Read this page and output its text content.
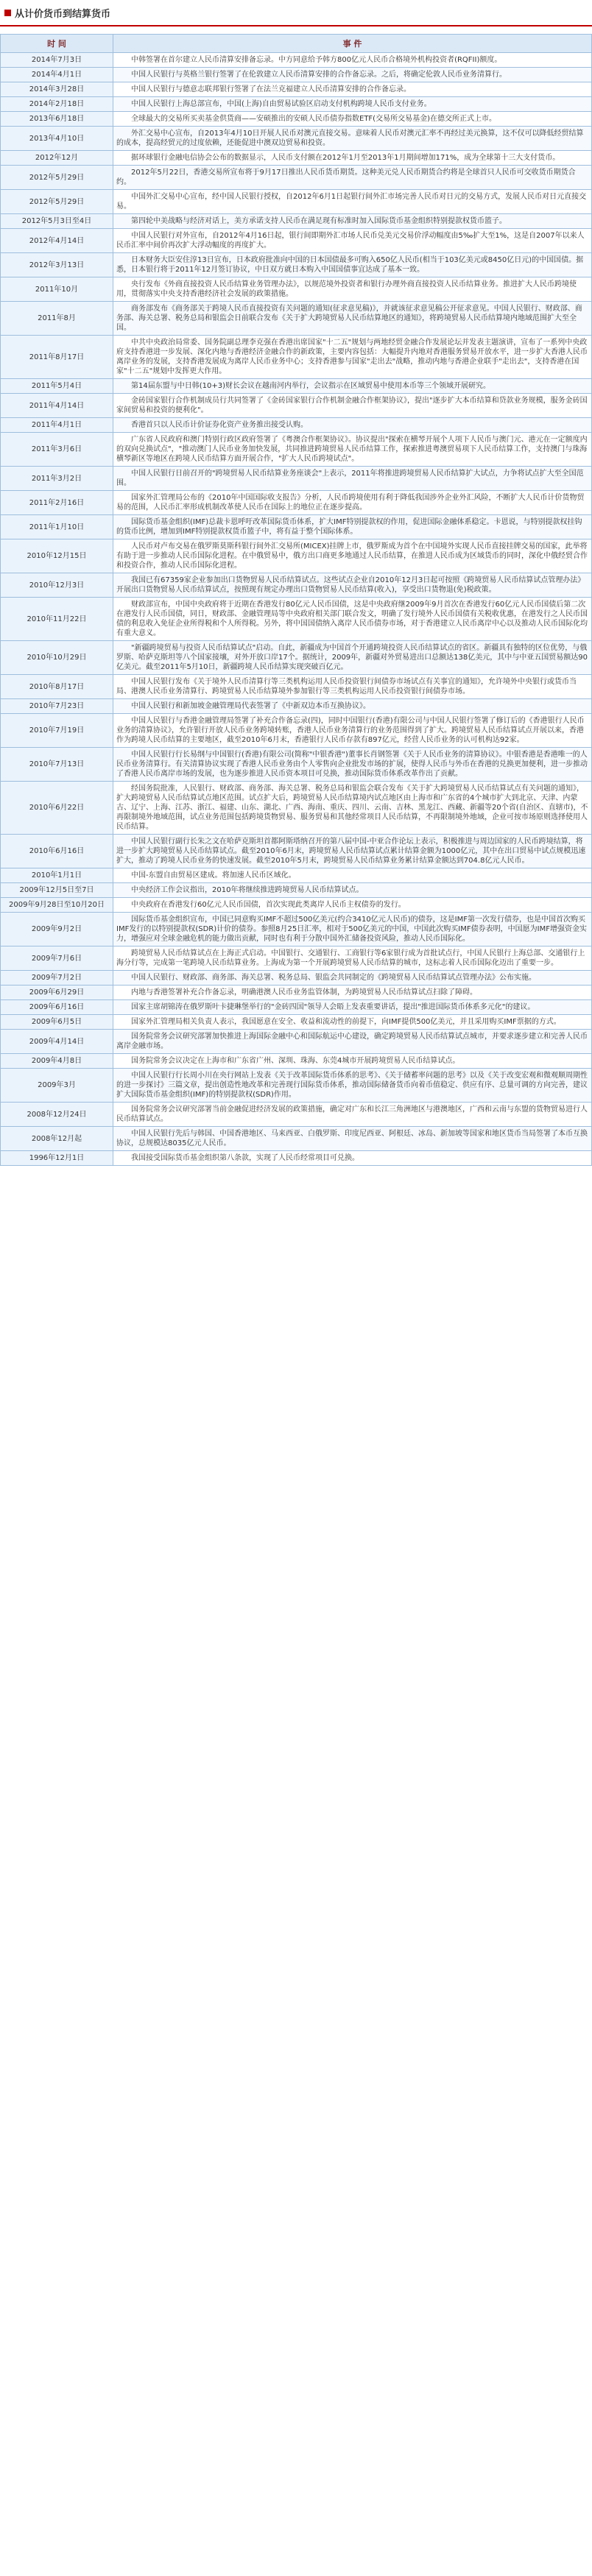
从计价货币到结算货币
时 间	事 件
2014年7月3日	中韩签署在首尔建立人民币清算安排备忘录。中方同意给予韩方800亿元人民币合格境外机构投资者(RQFII)额度。
2014年4月1日	中国人民银行与英格兰银行签署了在伦敦建立人民币清算安排的合作备忘录。之后，将确定伦敦人民币业务清算行。
2014年3月28日	中国人民银行与德意志联邦银行签署了在法兰克福建立人民币清算安排的合作备忘录。
2014年2月18日	中国人民银行上海总部宣布，中国(上海)自由贸易试验区启动支付机构跨境人民币支付业务。
2013年6月18日	全球最大的交易所买卖基金供货商——安硕推出的安硕人民币债券指数ETF(交易所交易基金)在德交所正式上市。
2013年4月10日	外汇交易中心宣布，自2013年4月10日开展人民币对澳元直接交易。意味着人民币对澳元汇率不再经过美元换算，这不仅可以降低经贸结算的成本，提高经贸元的过度依赖，还能促进中澳双边贸易和投资。
2012年12月	据环球银行金融电信协会公布的数据显示，人民币支付额在2012年1月至2013年1月期间增加171%，成为全球第十三大支付货币。
2012年5月29日	2012年5月22日，香港交易所宣布将于9月17日推出人民币货币期货。这种美元兑人民币期货合约将是全球首只人民币可交收货币期货合约。
2012年5月29日	中国外汇交易中心宣布，经中国人民银行授权，自2012年6月1日起银行间外汇市场完善人民币对日元的交易方式，发展人民币对日元直接交易。
2012年5月3日至4日	第四轮中美战略与经济对话上，美方承诺支持人民币在满足现有标准时加入国际货币基金组织特别提款权货币篮子。
2012年4月14日	中国人民银行对外宣布，自2012年4月16日起，银行间即期外汇市场人民币兑美元交易价浮动幅度由5‰扩大至1%，这是自2007年以来人民币汇率中间价再次扩大浮动幅度的再度扩大。
2012年3月13日	日本财务大臣安住淳13日宣布，日本政府批准向中国的日本国债最多可购入650亿人民币(相当于103亿美元或8450亿日元)的中国国债。据悉，日本银行将于2011年12月签订协议，中日双方就日本购入中国国债事宜达成了基本一致。
2011年10月	央行发布《外商直接投资人民币结算业务管理办法》，以规范境外投资者和银行办理外商直接投资人民币结算业务。推进扩大人民币跨境使用，贯彻落实中央支持香港经济社会发展的政策措施。
2011年8月	商务部发布《商务部关于跨境人民币直接投资有关问题的通知(征求意见稿)》，并就该征求意见稿公开征求意见。中国人民银行、财政部、商务部、海关总署、税务总局和银监会日前联合发布《关于扩大跨境贸易人民币结算地区的通知》，将跨境贸易人民币结算境内地域范围扩大至全国。
2011年8月17日	中共中央政治局常委、国务院副总理李克强在香港出席国家"十二五"规划与两地经贸金融合作发展论坛并发表主题演讲，宣布了一系列中央政府支持香港进一步发展、深化内地与香港经济金融合作的新政策，主要内容包括：大幅提升内地对香港服务贸易开放水平，进一步扩大香港人民币离岸业务的发展，支持香港发展成为离岸人民币业务中心；支持香港参与国家"走出去"战略，推动内地与香港企业联手"走出去"，支持香港在国家"十二五"规划中发挥更大作用。
2011年5月4日	第14届东盟与中日韩(10+3)财长会议在越南河内举行，会议指示在区域贸易中使用本币等三个领域开展研究。
2011年4月14日	金砖国家银行合作机制成员行共同签署了《金砖国家银行合作机制金融合作框架协议》，提出"逐步扩大本币结算和贷款业务规模，服务金砖国家间贸易和投资的便利化"。
2011年4月1日	香港首只以人民币计价证券化资产业务推出接受认购。
2011年3月6日	广东省人民政府和澳门特别行政区政府签署了《粤澳合作框架协议》。协议提出"探索在横琴开展个人项下人民币与澳门元、港元在一定额度内的双向兑换试点"，"推动澳门人民币业务加快发展，共同推进跨境贸易人民币结算工作，探索推进粤澳贸易项下人民币结算工作，支持澳门与珠海横琴新区等地区在跨境人民币结算方面开展合作，"扩大人民币跨境试点"。
2011年3月2日	中国人民银行日前召开的"跨境贸易人民币结算业务座谈会"上表示，2011年将推进跨境贸易人民币结算扩大试点，力争将试点扩大至全国范围。
2011年2月16日	国家外汇管理局公布的《2010年中国国际收支报告》分析，人民币跨境使用有利于降低我国涉外企业外汇风险，不断扩大人民币计价货物贸易的范围，人民币汇率形成机制改革使人民币在国际上的地位正在逐步提高。
2011年1月10日	国际货币基金组织(IMF)总裁卡恩呼吁改革国际货币体系，扩大IMF特别提款权的作用，促进国际金融体系稳定。卡恩说，与特别提款权挂钩的货币比例，增加到IMF特别提款权货币篮子中，将有益于整个国际体系。
2010年12月15日	人民币对卢布交易在俄罗斯莫斯科银行间外汇交易所(MICEX)挂牌上市，俄罗斯成为首个在中国境外实现人民币直接挂牌交易的国家，此举将有助于进一步推动人民币国际化进程。在中俄贸易中，俄方出口商更多地通过人民币结算，在推进人民币成为区域货币的同时，深化中俄经贸合作和投资合作，推动人民币国际化进程。
2010年12月3日	我国已有67359家企业参加出口货物贸易人民币结算试点。这些试点企业自2010年12月3日起可按照《跨境贸易人民币结算试点管理办法》开展出口货物贸易人民币结算试点，按照现有规定办理出口货物贸易人民币结算(收入)，享受出口货物退(免)税政策。
2010年11月22日	财政部宣布，中国中央政府将于近期在香港发行80亿元人民币国债，这是中央政府继2009年9月首次在香港发行60亿元人民币国债后第二次在港发行人民币国债，同日，财政部、金融管理局等中央政府相关部门联合发文，明确了发行境外人民币国债有关税收优惠，在港发行之人民币国债的利息收入免征企业所得税和个人所得税。另外，将中国国债纳入离岸人民币债券市场，对于香港建立人民币离岸中心以及推动人民币国际化均有重大意义。
2010年10月29日	"新疆跨境贸易与投资人民币结算试点"启动。自此，新疆成为中国首个开通跨境投资人民币结算试点的省区。新疆具有独特的区位优势，与俄罗斯、哈萨克斯坦等八个国家接壤，对外开放口岸17个。据统计，2009年，新疆对外贸易进出口总额达138亿美元，其中与中亚五国贸易额达90亿美元。截至2011年5月10日，新疆跨境人民币结算实现突破百亿元。
2010年8月17日	中国人民银行发布《关于境外人民币清算行等三类机构运用人民币投资银行间债券市场试点有关事宜的通知》，允许境外中央银行或货币当局、港澳人民币业务清算行、跨境贸易人民币结算境外参加银行等三类机构运用人民币投资银行间债券市场。
2010年7月23日	中国人民银行和新加坡金融管理局代表签署了《中新双边本币互换协议》。
2010年7月19日	中国人民银行与香港金融管理局签署了补充合作备忘录(四)，同时中国银行(香港)有限公司与中国人民银行签署了修订后的《香港银行人民币业务的清算协议》，允许银行开放人民币业务跨境转账，香港人民币业务清算行的业务范围得到了扩大。跨境贸易人民币结算试点开展以来，香港作为跨境人民币结算的主要地区，截至2010年6月末，香港银行人民币存款有897亿元，经营人民币业务的认可机构达92家。
2010年7月13日	中国人民银行行长易纲与中国银行(香港)有限公司(简称"中银香港")董事长肖钢签署《关于人民币业务的清算协议》。中银香港是香港唯一的人民币业务清算行。有关清算协议实现了香港人民币业务由个人零售向企业批发市场的扩展，使得人民币与外币在香港的兑换更加便利，进一步推动了香港人民币离岸市场的发展，也为逐步推进人民币资本项目可兑换，推动国际货币体系改革作出了贡献。
2010年6月22日	经国务院批准，人民银行、财政部、商务部、海关总署、税务总局和银监会联合发布《关于扩大跨境贸易人民币结算试点有关问题的通知》，扩大跨境贸易人民币结算试点地区范围。试点扩大后，跨境贸易人民币结算境内试点地区由上海市和广东省的4个城市扩大到北京、天津、内蒙古、辽宁、上海、江苏、浙江、福建、山东、湖北、广西、海南、重庆、四川、云南、吉林、黑龙江、西藏、新疆等20个省(自治区、直辖市)，不再限制境外地域范围，试点业务范围包括跨境货物贸易、服务贸易和其他经常项目人民币结算，不再限制境外地域，企业可按市场原则选择使用人民币结算。
2010年6月16日	中国人民银行副行长朱之文在哈萨克斯坦首都阿斯塔纳召开的第八届中国-中亚合作论坛上表示，积极推进与周边国家的人民币跨境结算，将进一步扩大跨境贸易人民币结算试点。截至2010年6月末，跨境贸易人民币结算试点累计结算金额为1000亿元，其中在出口贸易中试点规模迅速扩大，推动了跨境人民币业务的快速发展。截至2010年5月末，跨境贸易人民币结算业务累计结算金额达到704.8亿元人民币。
2010年1月1日	中国-东盟自由贸易区建成。将加速人民币区域化。
2009年12月5日至7日	中央经济工作会议指出，2010年将继续推进跨境贸易人民币结算试点。
2009年9月28日至10月20日	中央政府在香港发行60亿元人民币国债，首次实现此类离岸人民币主权债券的发行。
2009年9月2日	国际货币基金组织宣布，中国已同意购买IMF不超过500亿美元(约合3410亿元人民币)的债券，这是IMF第一次发行债券，也是中国首次购买IMF发行的以特别提款权(SDR)计价的债券。参照8月25日汇率，相对于500亿美元的中国，中国此次购买IMF债券表明，中国愿为IMF增强资金实力，增强应对全球金融危机的能力做出贡献，同时也有利于分散中国外汇储备投资风险，推动人民币国际化。
2009年7月6日	跨境贸易人民币结算试点在上海正式启动。中国银行、交通银行、工商银行等6家银行成为首批试点行，中国人民银行上海总部、交通银行上海分行等，完成第一笔跨境人民币结算业务。上海成为第一个开展跨境贸易人民币结算的城市，这标志着人民币国际化迈出了重要一步。
2009年7月2日	中国人民银行、财政部、商务部、海关总署、税务总局、银监会共同制定的《跨境贸易人民币结算试点管理办法》公布实施。
2009年6月29日	内地与香港签署补充合作备忘录，明确港澳人民币业务监管体制，为跨境贸易人民币结算试点扫除了障碍。
2009年6月16日	国家主席胡锦涛在俄罗斯叶卡捷琳堡举行的"金砖四国"领导人会晤上发表重要讲话，提出"推进国际货币体系多元化"的建议。
2009年6月5日	国家外汇管理局相关负责人表示，我国愿意在安全、收益和流动性的前提下，向IMF提供500亿美元，并且采用购买IMF票据的方式。
2009年4月14日	国务院常务会议研究部署加快推进上海国际金融中心和国际航运中心建设，确定跨境贸易人民币结算试点城市，并要求逐步建立和完善人民币离岸金融市场。
2009年4月8日	国务院常务会议决定在上海市和广东省广州、深圳、珠海、东莞4城市开展跨境贸易人民币结算试点。
2009年3月	中国人民银行行长周小川在央行网站上发表《关于改革国际货币体系的思考》、《关于储蓄率问题的思考》以及《关于改变宏观和微观顺周期性的进一步探讨》三篇文章，提出创造性地改革和完善现行国际货币体系，推动国际储备货币向着币值稳定、供应有序、总量可调的方向完善，建议扩大国际货币基金组织(IMF)的特别提款权(SDR)作用。
2008年12月24日	国务院常务会议研究部署当前金融促进经济发展的政策措施，确定对广东和长江三角洲地区与港澳地区，广西和云南与东盟的货物贸易进行人民币结算试点。
2008年12月起	中国人民银行先后与韩国、中国香港地区、马来西亚、白俄罗斯、印度尼西亚、阿根廷、冰岛、新加坡等国家和地区货币当局签署了本币互换协议，总规模达8035亿元人民币。
1996年12月1日	我国接受国际货币基金组织第八条款，实现了人民币经常项目可兑换。
